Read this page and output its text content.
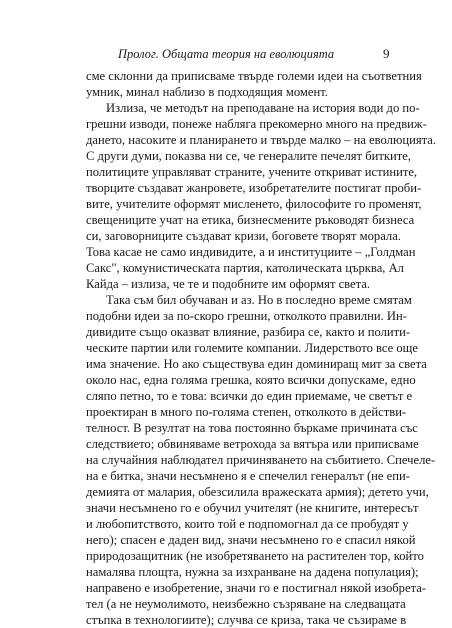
Пролог. Общата теория на еволюцията	9
сме склонни да приписваме твърде големи идеи на съответния
умник, минал наблизо в подходящия момент.
Излиза, че методът на преподаване на история води до по-
грешни изводи, понеже набляга прекомерно много на предвиж-
дането, насоките и планирането и твърде малко – на еволюцията.
С други думи, показва ни се, че генералите печелят битките,
политиците управляват страните, учените откриват истините,
творците създават жанровете, изобретателите постигат проби-
вите, учителите оформят мисленето, философите го променят,
свещениците учат на етика, бизнесмените ръководят бизнеса
си, заговорниците създават кризи, боговете творят морала.
Това касае не само индивидите, а и институциите – „Голдман
Сакс", комунистическата партия, католическата църква, Ал
Кайда – излиза, че те и подобните им оформят света.
Така съм бил обучаван и аз. Но в последно време смятам
подобни идеи за по-скоро грешни, отколкото правилни. Ин-
дивидите също оказват влияние, разбира се, както и полити-
ческите партии или големите компании. Лидерството все още
има значение. Но ако съществува един доминиращ мит за света
около нас, една голяма грешка, която всички допускаме, едно
сляпо петно, то е това: всички до един приемаме, че светът е
проектиран в много по-голяма степен, отколкото в действи-
телност. В резултат на това постоянно бъркаме причината със
следствието; обвиняваме ветрохода за вятъра или приписваме
на случайния наблюдател причиняването на събитието. Спечеле-
на е битка, значи несъмнено я е спечелил генералът (не епи-
демията от малария, обезсилила вражеската армия); детето учи,
значи несъмнено го е обучил учителят (не книгите, интересът
и любопитството, които той е подпомогнал да се пробудят у
него); спасен е даден вид, значи несъмнено го е спасил някой
природозащитник (не изобретяването на растителен тор, който
намалява площта, нужна за изхранване на дадена популация);
направено е изобретение, значи го е постигнал някой изобрета-
тел (а не неумолимото, неизбежно съзряване на следващата
стъпка в технологиите); случва се криза, така че съзираме в
